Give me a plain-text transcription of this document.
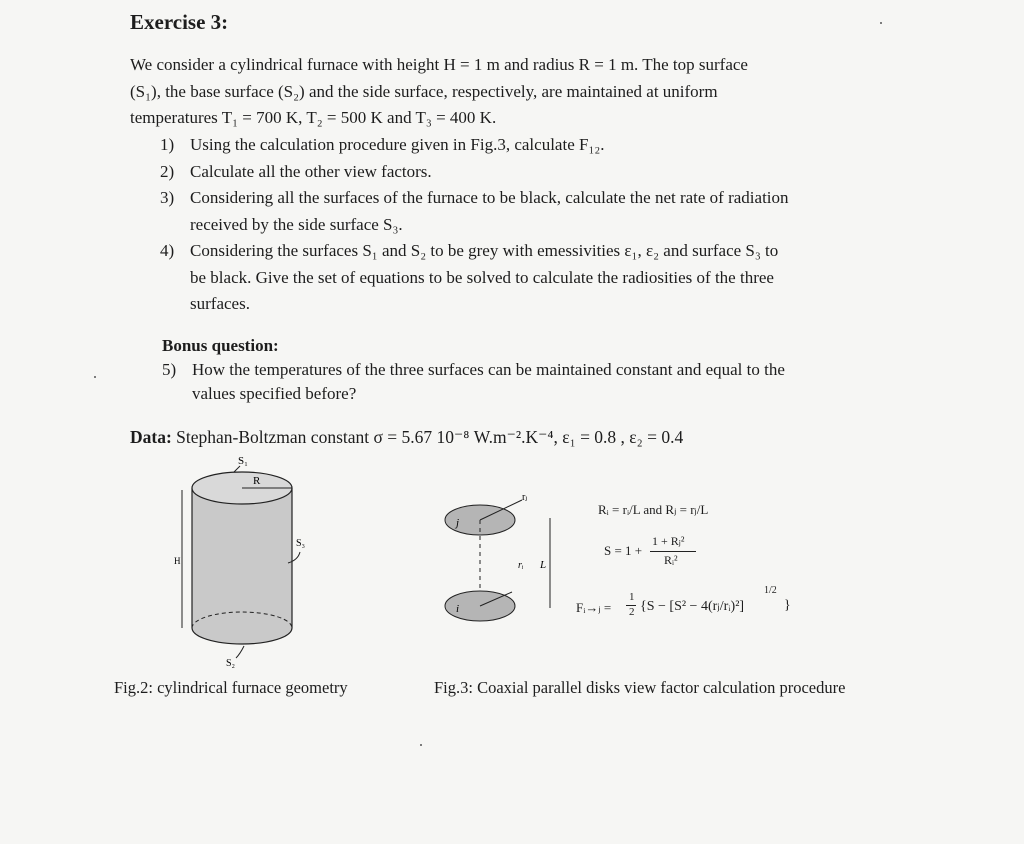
Exercise 3:
We consider a cylindrical furnace with height H = 1 m and radius R = 1 m. The top surface
(S₁), the base surface (S₂) and the side surface, respectively, are maintained at uniform
temperatures T₁ = 700 K, T₂ = 500 K and T₃ = 400 K.
1) Using the calculation procedure given in Fig.3, calculate F₁₂.
2) Calculate all the other view factors.
3) Considering all the surfaces of the furnace to be black, calculate the net rate of radiation
received by the side surface S₃.
4) Considering the surfaces S₁ and S₂ to be grey with emessivities ε₁, ε₂ and surface S₃ to
be black. Give the set of equations to be solved to calculate the radiosities of the three
surfaces.
Bonus question:
5) How the temperatures of the three surfaces can be maintained constant and equal to the
values specified before?
Data: Stephan-Boltzman constant σ = 5.67 10⁻⁸ W.m⁻².K⁻⁴, ε₁ = 0.8 , ε₂ = 0.4
S₁
R
S₃
H
S₂
rⱼ
j
rᵢ
i
L
Rᵢ = rᵢ/L and Rⱼ = rⱼ/L
S = 1 +
1 + Rⱼ²
Rᵢ²
Fᵢ→ⱼ =
1
2 {S − [S² − 4(rⱼ/rᵢ)²]
1/2
}
Fig.2: cylindrical furnace geometry	Fig.3: Coaxial parallel disks view factor calculation procedure
